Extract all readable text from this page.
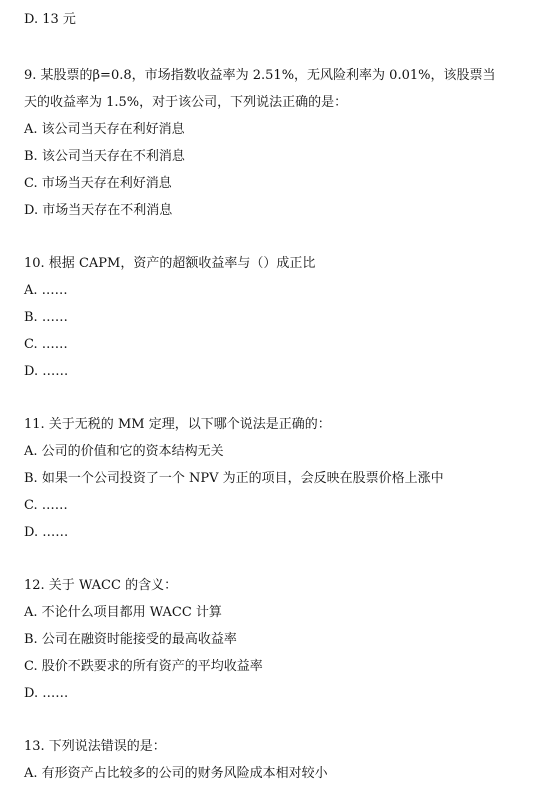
D. 13 元
9. 某股票的β=0.8，市场指数收益率为 2.51%，无风险利率为 0.01%，该股票当
天的收益率为 1.5%，对于该公司，下列说法正确的是：
A. 该公司当天存在利好消息
B. 该公司当天存在不利消息
C. 市场当天存在利好消息
D. 市场当天存在不利消息
10. 根据 CAPM，资产的超额收益率与（）成正比
A. ……
B. ……
C. ……
D. ……
11. 关于无税的 MM 定理，以下哪个说法是正确的：
A. 公司的价值和它的资本结构无关
B. 如果一个公司投资了一个 NPV 为正的项目，会反映在股票价格上涨中
C. ……
D. ……
12. 关于 WACC 的含义：
A. 不论什么项目都用 WACC 计算
B. 公司在融资时能接受的最高收益率
C. 股价不跌要求的所有资产的平均收益率
D. ……
13. 下列说法错误的是：
A. 有形资产占比较多的公司的财务风险成本相对较小
